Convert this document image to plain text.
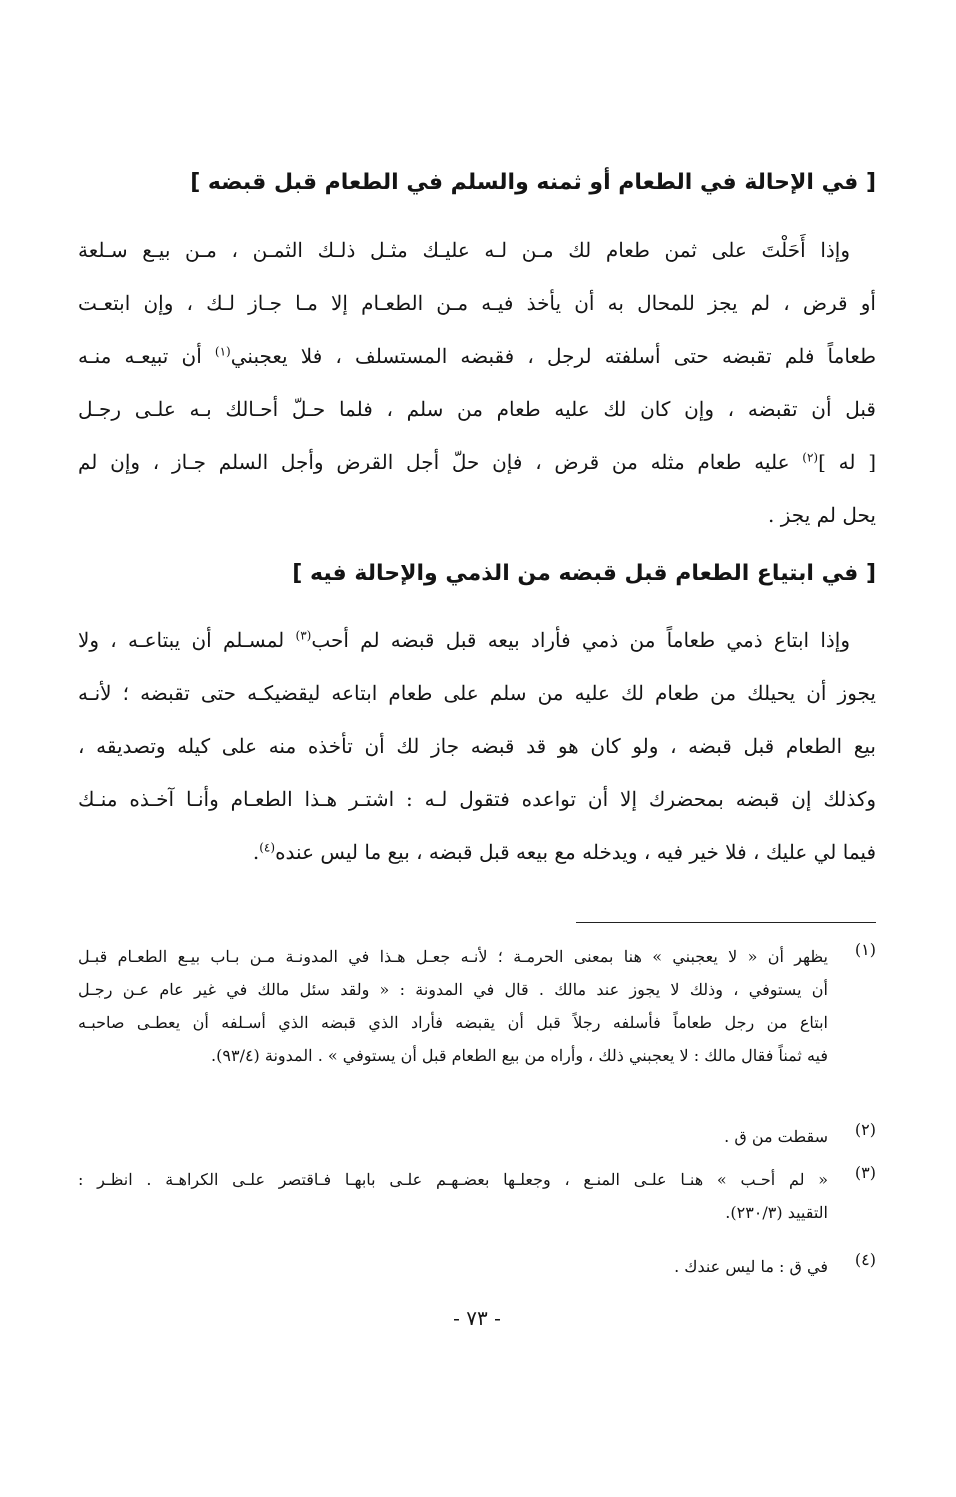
[ في الإحالة في الطعام أو ثمنه والسلم في الطعام قبل قبضه ]
وإذا أَحَلْتَ على ثمن طعام لك مـن لـه عليـك مثـل ذلـك الثمـن ، مـن بيـع سـلعة
أو قرض ، لم يجز للمحال به أن يأخذ فيـه مـن الطعـام إلا مـا جـاز لـك ، وإن ابتعـت
طعاماً فلم تقبضه حتى أسلفته لرجل ، فقبضه المستسلف ، فلا يعجبني$^{(١)}$ أن تبيعـه منـه
قبل أن تقبضه ، وإن كان لك عليه طعام من سلم ، فلما حـلّ أحـالك بـه علـى رجـل
[ له ]$^{(٢)}$ عليه طعام مثله من قرض ، فإن حلّ أجل القرض وأجل السلم جـاز ، وإن لم
يحل لم يجز .
[ في ابتياع الطعام قبل قبضه من الذمي والإحالة فيه ]
وإذا ابتاع ذمي طعاماً من ذمي فأراد بيعه قبل قبضه لم أحب$^{(٣)}$ لمسـلم أن يبتاعـه ، ولا
يجوز أن يحيلك من طعام لك عليه من سلم على طعام ابتاعه ليقضيكـه حتى تقبضه ؛ لأنـه
بيع الطعام قبل قبضه ، ولو كان هو قد قبضه جاز لك أن تأخذه منه على كيله وتصديقه ،
وكذلك إن قبضه بمحضرك إلا أن تواعده فتقول لـه : اشتـر هـذا الطعـام وأنـا آخـذه منـك
فيما لي عليك ، فلا خير فيه ، ويدخله مع بيعه قبل قبضه ، بيع ما ليس عنده$^{(٤)}$.
(١)
يظهر أن « لا يعجبني » هنا بمعنى الحرمـة ؛ لأنـه جعـل هـذا في المدونـة مـن بـاب بيـع الطعـام قبـل
أن يستوفي ، وذلك لا يجوز عند مالك . قال في المدونة : « ولقد سئل مالك في غير عام عـن رجـل
ابتاع من رجل طعاماً فأسلفه رجلاً قبل أن يقبضه فأراد الذي قبضه الذي أسـلفه أن يعطـى صاحبـه
فيه ثمناً فقال مالك : لا يعجبني ذلك ، وأراه من بيع الطعام قبل أن يستوفي » . المدونة (٩٣/٤).
(٢)
سقطت من ق .
(٣)
« لم أحـب » هنـا علـى المنـع ، وجعلـها بعضـهـم علـى بابهـا فـاقتصر علـى الكراهـة . انظـر :
التقييد (٢٣٠/٣).
(٤)
في ق : ما ليس عندك .
- ٧٣ -
